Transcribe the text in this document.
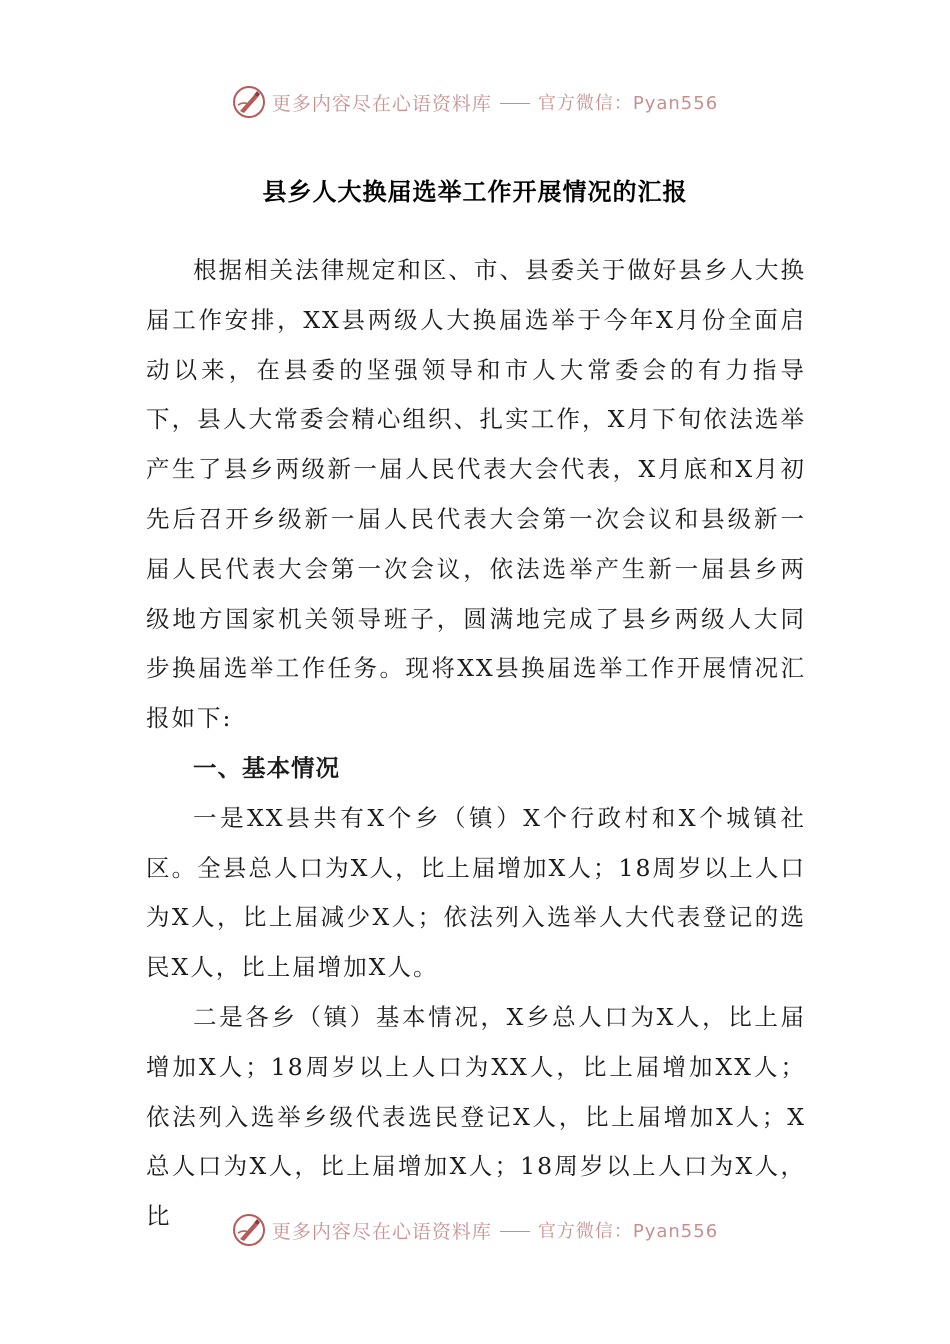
更多内容尽在心语资料库	官方微信：Pyan556
县乡人大换届选举工作开展情况的汇报

根据相关法律规定和区、市、县委关于做好县乡人大换届工作安排，XX县两级人大换届选举于今年X月份全面启动以来，在县委的坚强领导和市人大常委会的有力指导下，县人大常委会精心组织、扎实工作，X月下旬依法选举产生了县乡两级新一届人民代表大会代表，X月底和X月初先后召开乡级新一届人民代表大会第一次会议和县级新一届人民代表大会第一次会议，依法选举产生新一届县乡两级地方国家机关领导班子，圆满地完成了县乡两级人大同步换届选举工作任务。现将XX县换届选举工作开展情况汇报如下:

一、基本情况

一是XX县共有X个乡（镇）X个行政村和X个城镇社区。全县总人口为X人，比上届增加X人；18周岁以上人口为X人，比上届减少X人；依法列入选举人大代表登记的选民X人，比上届增加X人。

二是各乡（镇）基本情况，X乡总人口为X人，比上届增加X人；18周岁以上人口为XX人，比上届增加XX人；依法列入选举乡级代表选民登记X人，比上届增加X人；X总人口为X人，比上届增加X人；18周岁以上人口为X人，比

更多内容尽在心语资料库	官方微信：Pyan556
